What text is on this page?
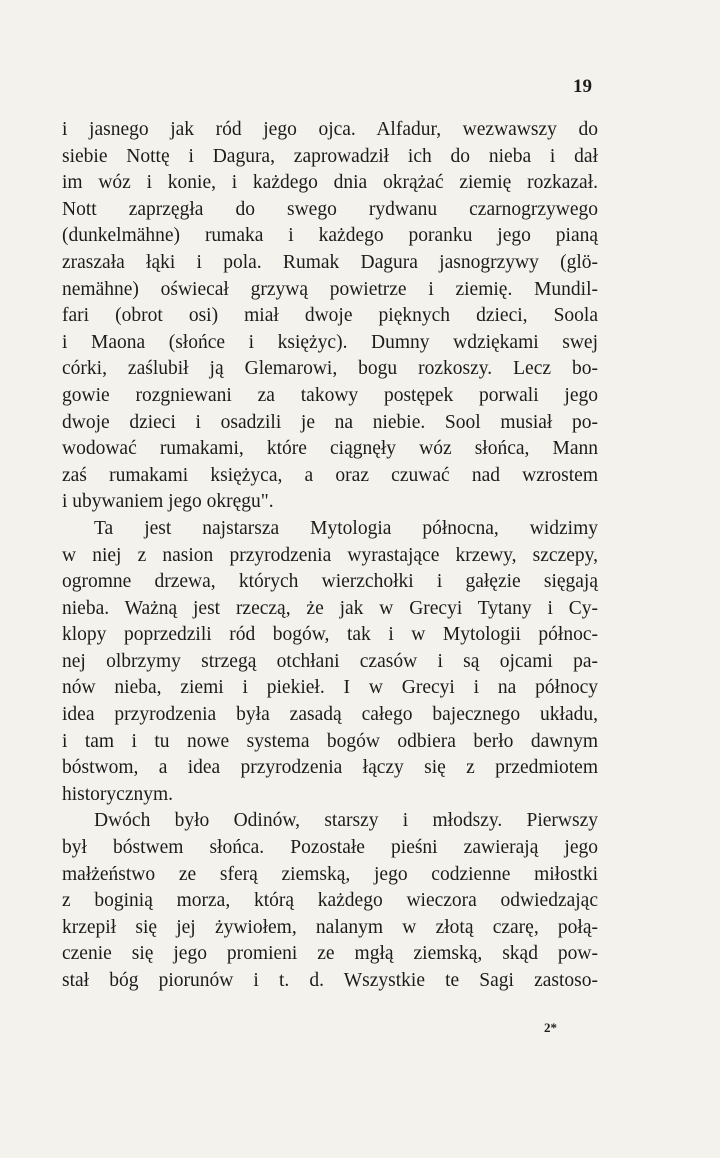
19
i jasnego jak ród jego ojca. Alfadur, wezwawszy do
siebie Nottę i Dagura, zaprowadził ich do nieba i dał
im wóz i konie, i każdego dnia okrążać ziemię rozkazał.
Nott zaprzęgła do swego rydwanu czarnogrzywego
(dunkelmähne) rumaka i każdego poranku jego pianą
zraszała łąki i pola. Rumak Dagura jasnogrzywy (glö-
nemähne) oświecał grzywą powietrze i ziemię. Mundil-
fari (obrot osi) miał dwoje pięknych dzieci, Soola
i Maona (słońce i księżyc). Dumny wdziękami swej
córki, zaślubił ją Glemarowi, bogu rozkoszy. Lecz bo-
gowie rozgniewani za takowy postępek porwali jego
dwoje dzieci i osadzili je na niebie. Sool musiał po-
wodować rumakami, które ciągnęły wóz słońca, Mann
zaś rumakami księżyca, a oraz czuwać nad wzrostem
i ubywaniem jego okręgu".
Ta jest najstarsza Mytologia północna, widzimy
w niej z nasion przyrodzenia wyrastające krzewy, szczepy,
ogromne drzewa, których wierzchołki i gałęzie sięgają
nieba. Ważną jest rzeczą, że jak w Grecyi Tytany i Cy-
klopy poprzedzili ród bogów, tak i w Mytologii północ-
nej olbrzymy strzegą otchłani czasów i są ojcami pa-
nów nieba, ziemi i piekieł. I w Grecyi i na północy
idea przyrodzenia była zasadą całego bajecznego układu,
i tam i tu nowe systema bogów odbiera berło dawnym
bóstwom, a idea przyrodzenia łączy się z przedmiotem
historycznym.
Dwóch było Odinów, starszy i młodszy. Pierwszy
był bóstwem słońca. Pozostałe pieśni zawierają jego
małżeństwo ze sferą ziemską, jego codzienne miłostki
z boginią morza, którą każdego wieczora odwiedzając
krzepił się jej żywiołem, nalanym w złotą czarę, połą-
czenie się jego promieni ze mgłą ziemską, skąd pow-
stał bóg piorunów i t. d. Wszystkie te Sagi zastoso-
2*
